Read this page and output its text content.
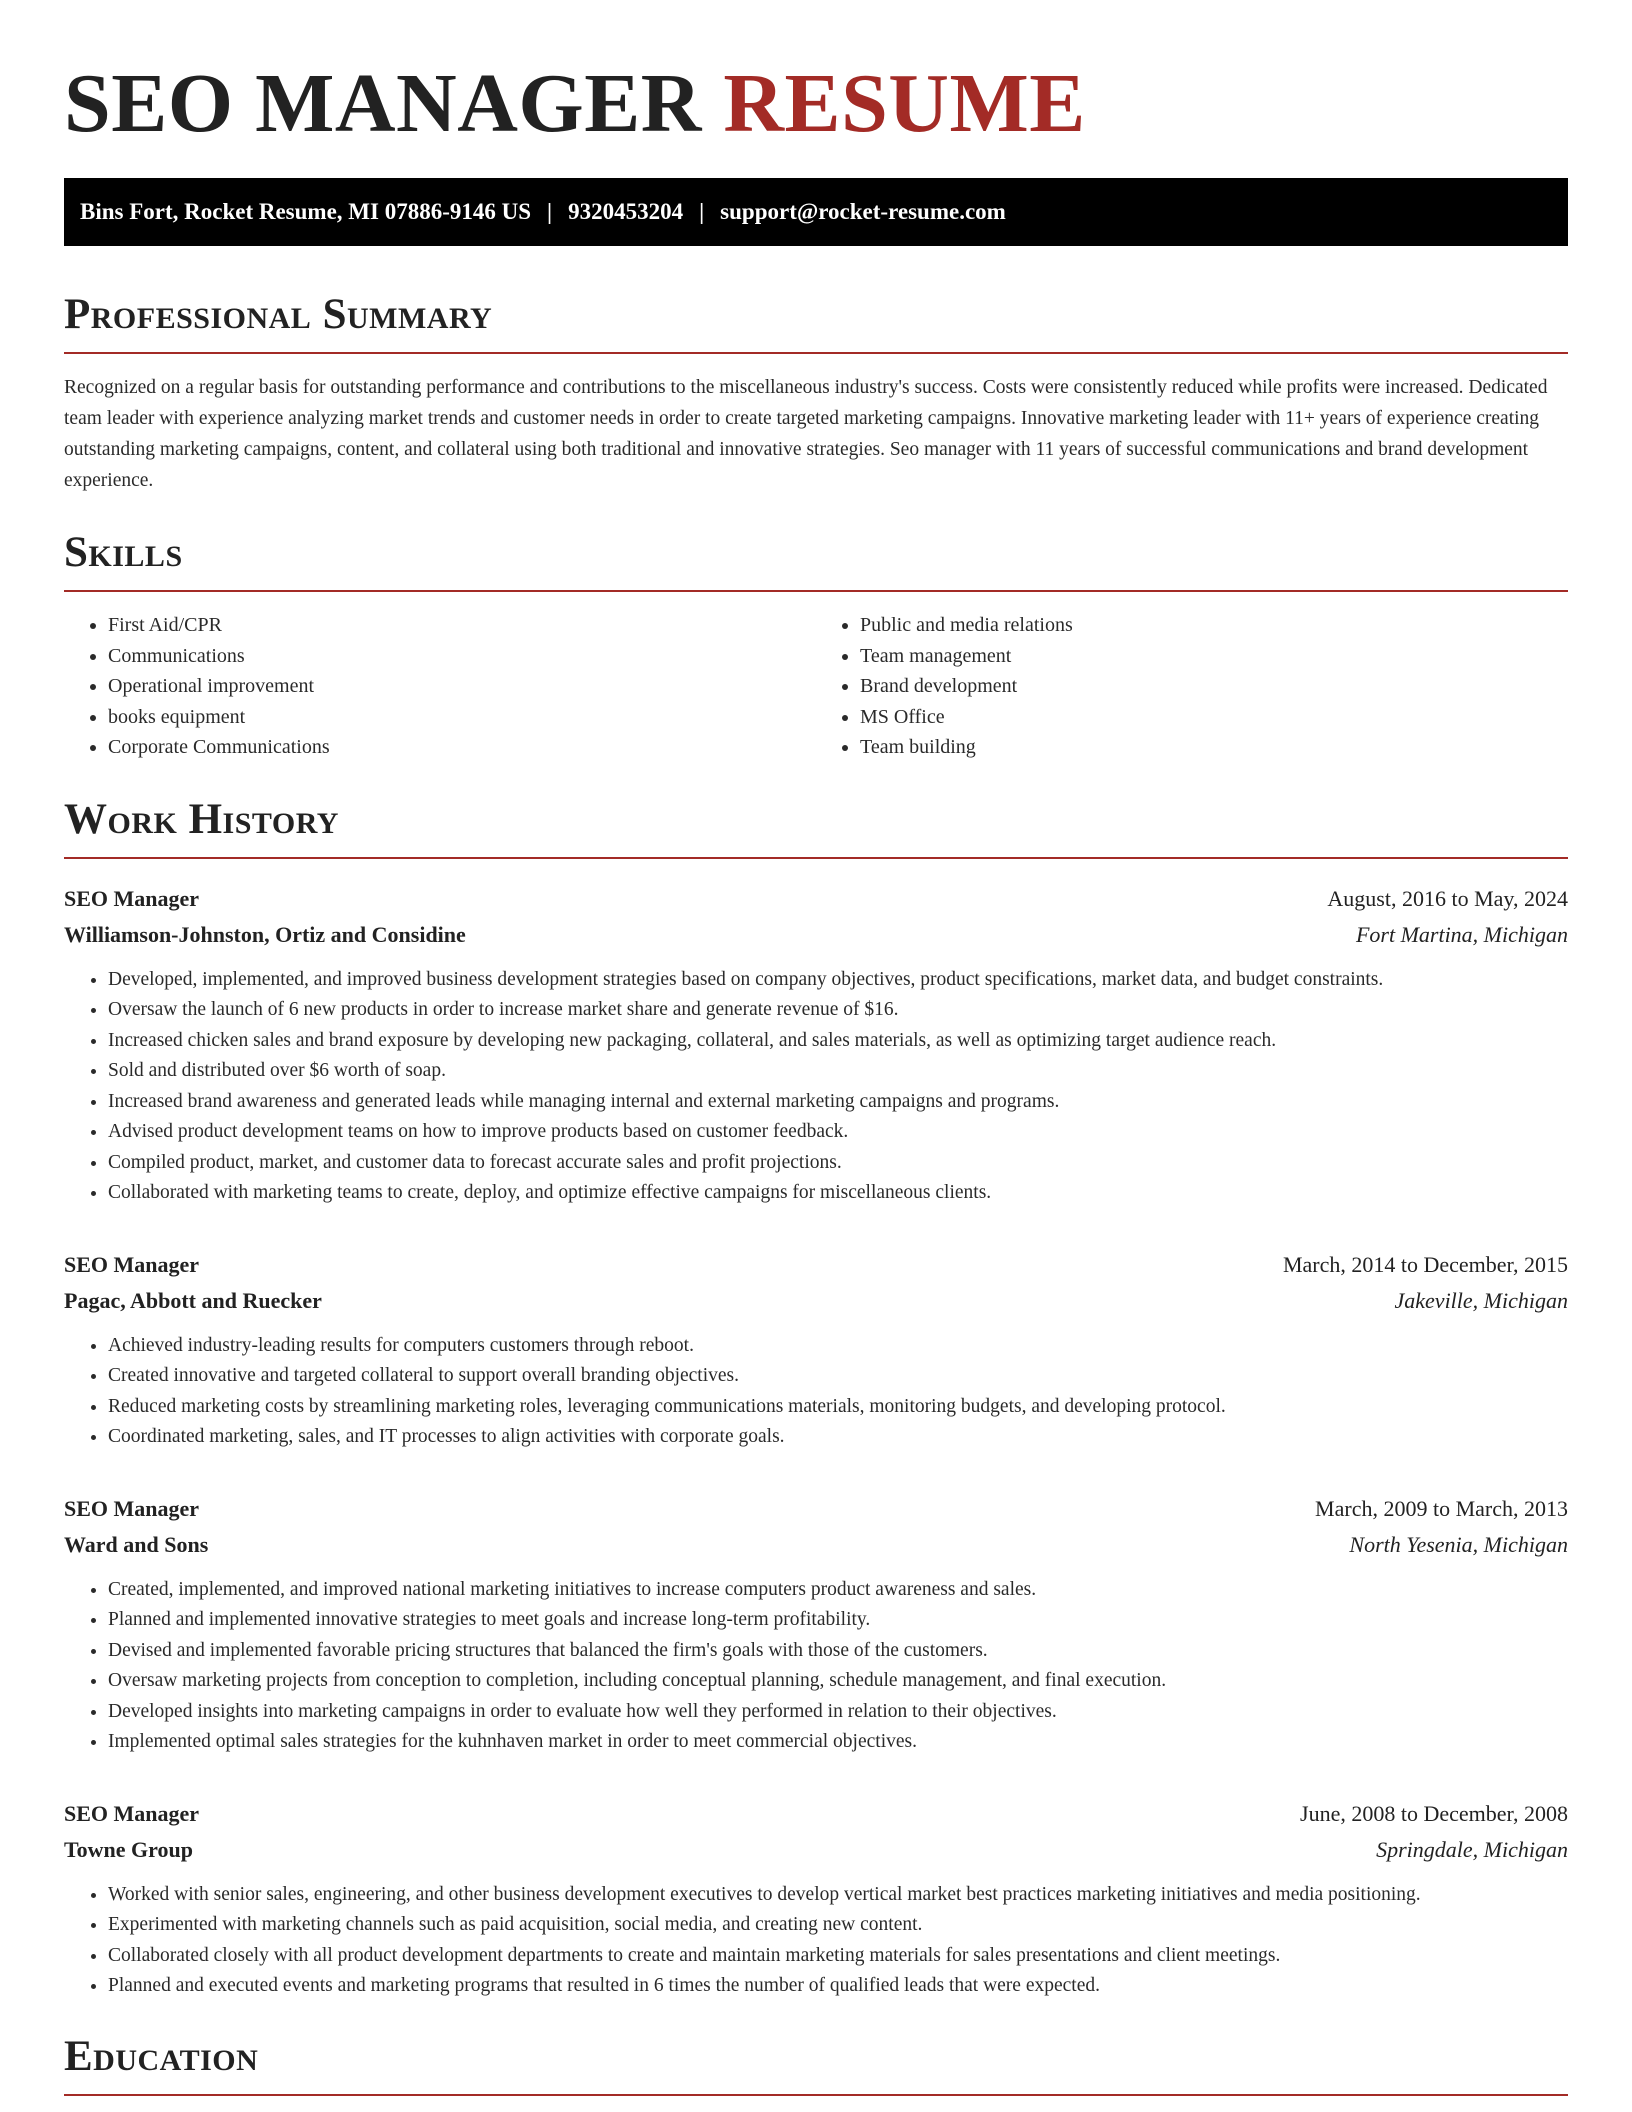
SEO MANAGER RESUME
Bins Fort, Rocket Resume, MI 07886-9146 US | 9320453204 | support@rocket-resume.com
Professional Summary

Recognized on a regular basis for outstanding performance and contributions to the miscellaneous industry's success. Costs were consistently reduced while profits were increased. Dedicated team leader with experience analyzing market trends and customer needs in order to create targeted marketing campaigns. Innovative marketing leader with 11+ years of experience creating outstanding marketing campaigns, content, and collateral using both traditional and innovative strategies. Seo manager with 11 years of successful communications and brand development experience.

Skills
• First Aid/CPR
• Communications
• Operational improvement
• books equipment
• Corporate Communications
• Public and media relations
• Team management
• Brand development
• MS Office
• Team building
Work History
SEO Manager	August, 2016 to May, 2024
Williamson-Johnston, Ortiz and Considine	Fort Martina, Michigan
• Developed, implemented, and improved business development strategies based on company objectives, product specifications, market data, and budget constraints.
• Oversaw the launch of 6 new products in order to increase market share and generate revenue of $16.
• Increased chicken sales and brand exposure by developing new packaging, collateral, and sales materials, as well as optimizing target audience reach.
• Sold and distributed over $6 worth of soap.
• Increased brand awareness and generated leads while managing internal and external marketing campaigns and programs.
• Advised product development teams on how to improve products based on customer feedback.
• Compiled product, market, and customer data to forecast accurate sales and profit projections.
• Collaborated with marketing teams to create, deploy, and optimize effective campaigns for miscellaneous clients.
SEO Manager	March, 2014 to December, 2015
Pagac, Abbott and Ruecker	Jakeville, Michigan
• Achieved industry-leading results for computers customers through reboot.
• Created innovative and targeted collateral to support overall branding objectives.
• Reduced marketing costs by streamlining marketing roles, leveraging communications materials, monitoring budgets, and developing protocol.
• Coordinated marketing, sales, and IT processes to align activities with corporate goals.
SEO Manager	March, 2009 to March, 2013
Ward and Sons	North Yesenia, Michigan
• Created, implemented, and improved national marketing initiatives to increase computers product awareness and sales.
• Planned and implemented innovative strategies to meet goals and increase long-term profitability.
• Devised and implemented favorable pricing structures that balanced the firm's goals with those of the customers.
• Oversaw marketing projects from conception to completion, including conceptual planning, schedule management, and final execution.
• Developed insights into marketing campaigns in order to evaluate how well they performed in relation to their objectives.
• Implemented optimal sales strategies for the kuhnhaven market in order to meet commercial objectives.
SEO Manager	June, 2008 to December, 2008
Towne Group	Springdale, Michigan
• Worked with senior sales, engineering, and other business development executives to develop vertical market best practices marketing initiatives and media positioning.
• Experimented with marketing channels such as paid acquisition, social media, and creating new content.
• Collaborated closely with all product development departments to create and maintain marketing materials for sales presentations and client meetings.
• Planned and executed events and marketing programs that resulted in 6 times the number of qualified leads that were expected.
Education
